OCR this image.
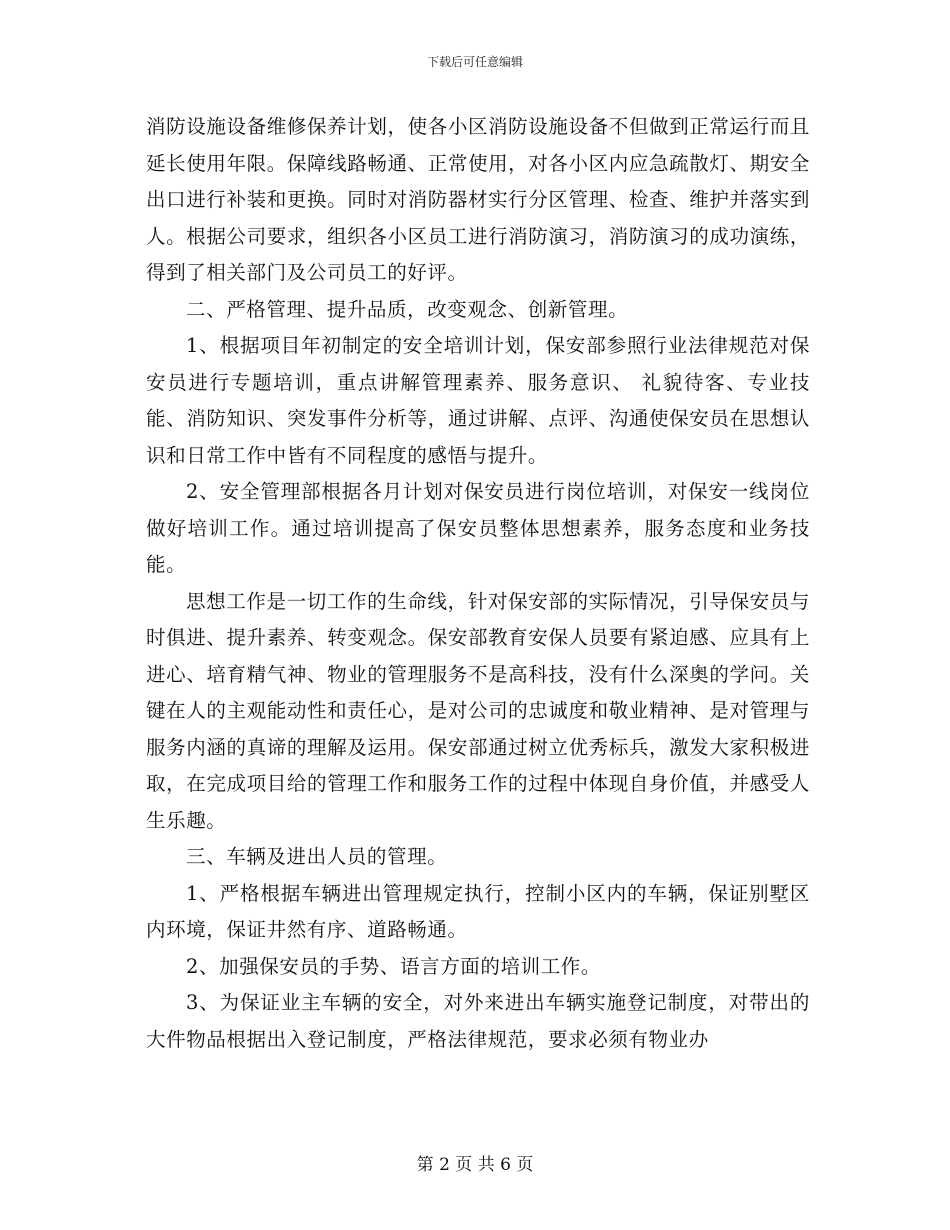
下载后可任意编辑

消防设施设备维修保养计划，使各小区消防设施设备不但做到正常运行而且延长使用年限。保障线路畅通、正常使用，对各小区内应急疏散灯、期安全出口进行补装和更换。同时对消防器材实行分区管理、检查、维护并落实到人。根据公司要求，组织各小区员工进行消防演习，消防演习的成功演练，得到了相关部门及公司员工的好评。

二、严格管理、提升品质，改变观念、创新管理。

1、根据项目年初制定的安全培训计划，保安部参照行业法律规范对保安员进行专题培训，重点讲解管理素养、服务意识、 礼貌待客、专业技能、消防知识、突发事件分析等，通过讲解、点评、沟通使保安员在思想认识和日常工作中皆有不同程度的感悟与提升。

2、安全管理部根据各月计划对保安员进行岗位培训，对保安一线岗位做好培训工作。通过培训提高了保安员整体思想素养，服务态度和业务技能。

思想工作是一切工作的生命线，针对保安部的实际情况，引导保安员与时俱进、提升素养、转变观念。保安部教育安保人员要有紧迫感、应具有上进心、培育精气神、物业的管理服务不是高科技，没有什么深奥的学问。关键在人的主观能动性和责任心，是对公司的忠诚度和敬业精神、是对管理与服务内涵的真谛的理解及运用。保安部通过树立优秀标兵，激发大家积极进取，在完成项目给的管理工作和服务工作的过程中体现自身价值，并感受人生乐趣。

三、车辆及进出人员的管理。

1、严格根据车辆进出管理规定执行，控制小区内的车辆，保证别墅区内环境，保证井然有序、道路畅通。

2、加强保安员的手势、语言方面的培训工作。

3、为保证业主车辆的安全，对外来进出车辆实施登记制度，对带出的大件物品根据出入登记制度，严格法律规范，要求必须有物业办

第 2 页 共 6 页
